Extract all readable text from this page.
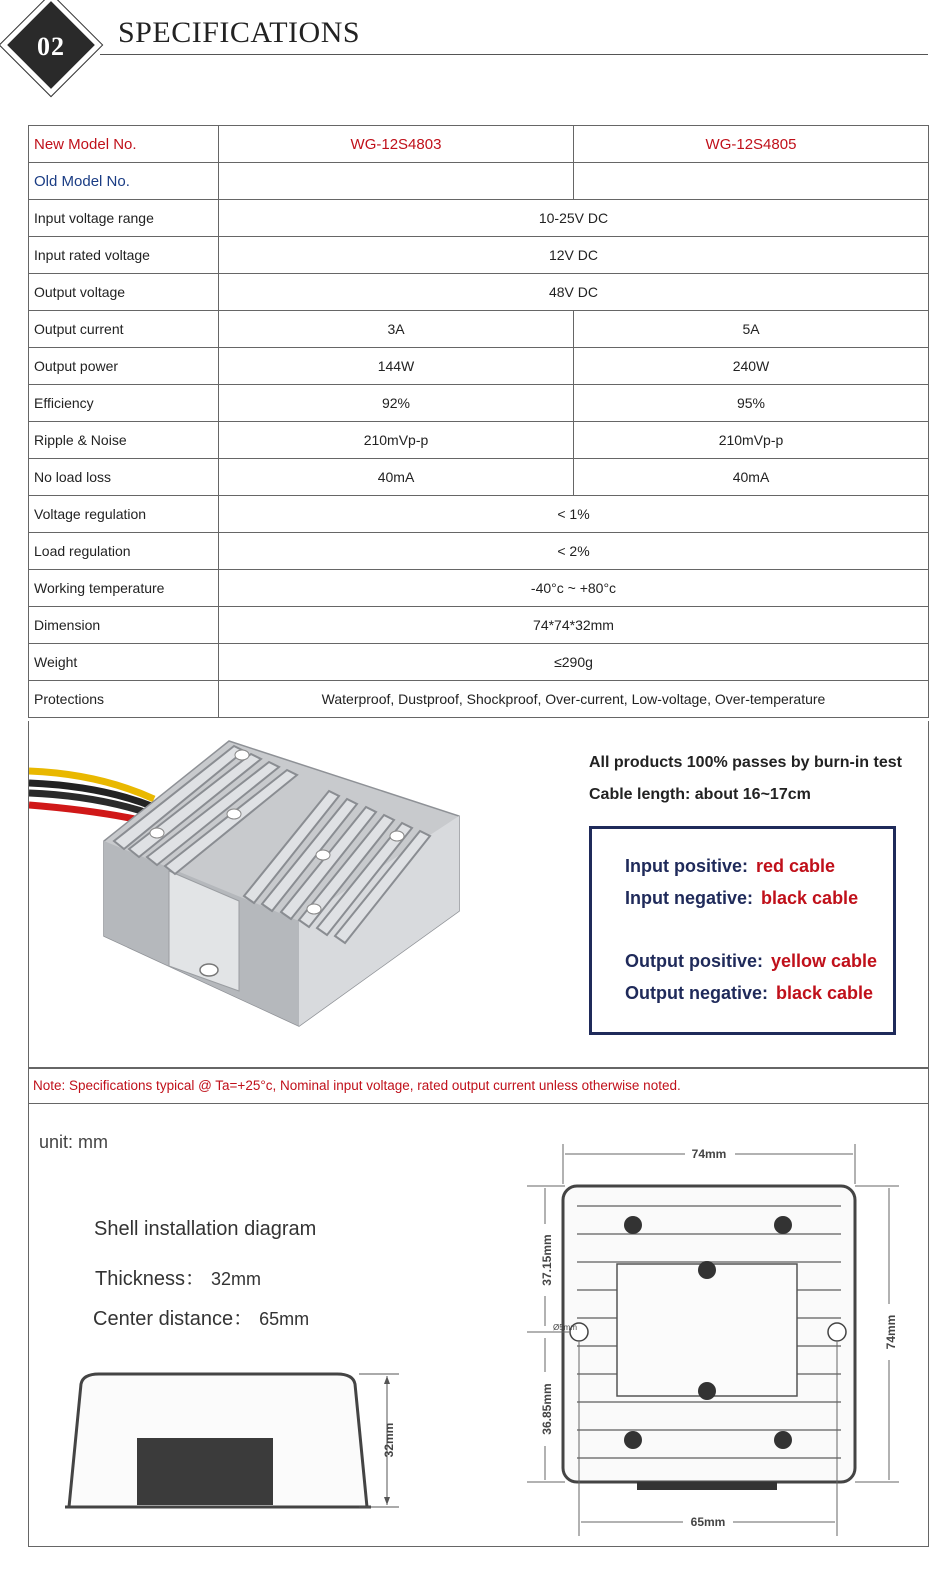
02	SPECIFICATIONS
New Model No.	WG-12S4803	WG-12S4805
Old Model No.		
Input voltage range	10-25V DC	
Input rated voltage	12V DC	
Output voltage	48V DC	
Output current	3A	5A
Output power	144W	240W
Efficiency	92%	95%
Ripple & Noise	210mVp-p	210mVp-p
No load loss	40mA	40mA
Voltage regulation	< 1%	
Load regulation	< 2%	
Working temperature	-40°c ~ +80°c	
Dimension	74*74*32mm	
Weight	≤290g	
Protections	Waterproof, Dustproof, Shockproof, Over-current, Low-voltage, Over-temperature	
All products 100% passes by burn-in test
Cable length: about 16~17cm
Input positive: red cable
Input negative: black cable
Output positive: yellow cable
Output negative: black cable
Note: Specifications typical @ Ta=+25°c, Nominal input voltage, rated output current unless otherwise noted.
unit: mm
Shell installation diagram
Thickness： 32mm
Center distance： 65mm
32mm
74mm
37.15mm
36.85mm
Ø5mm	74mm
65mm
